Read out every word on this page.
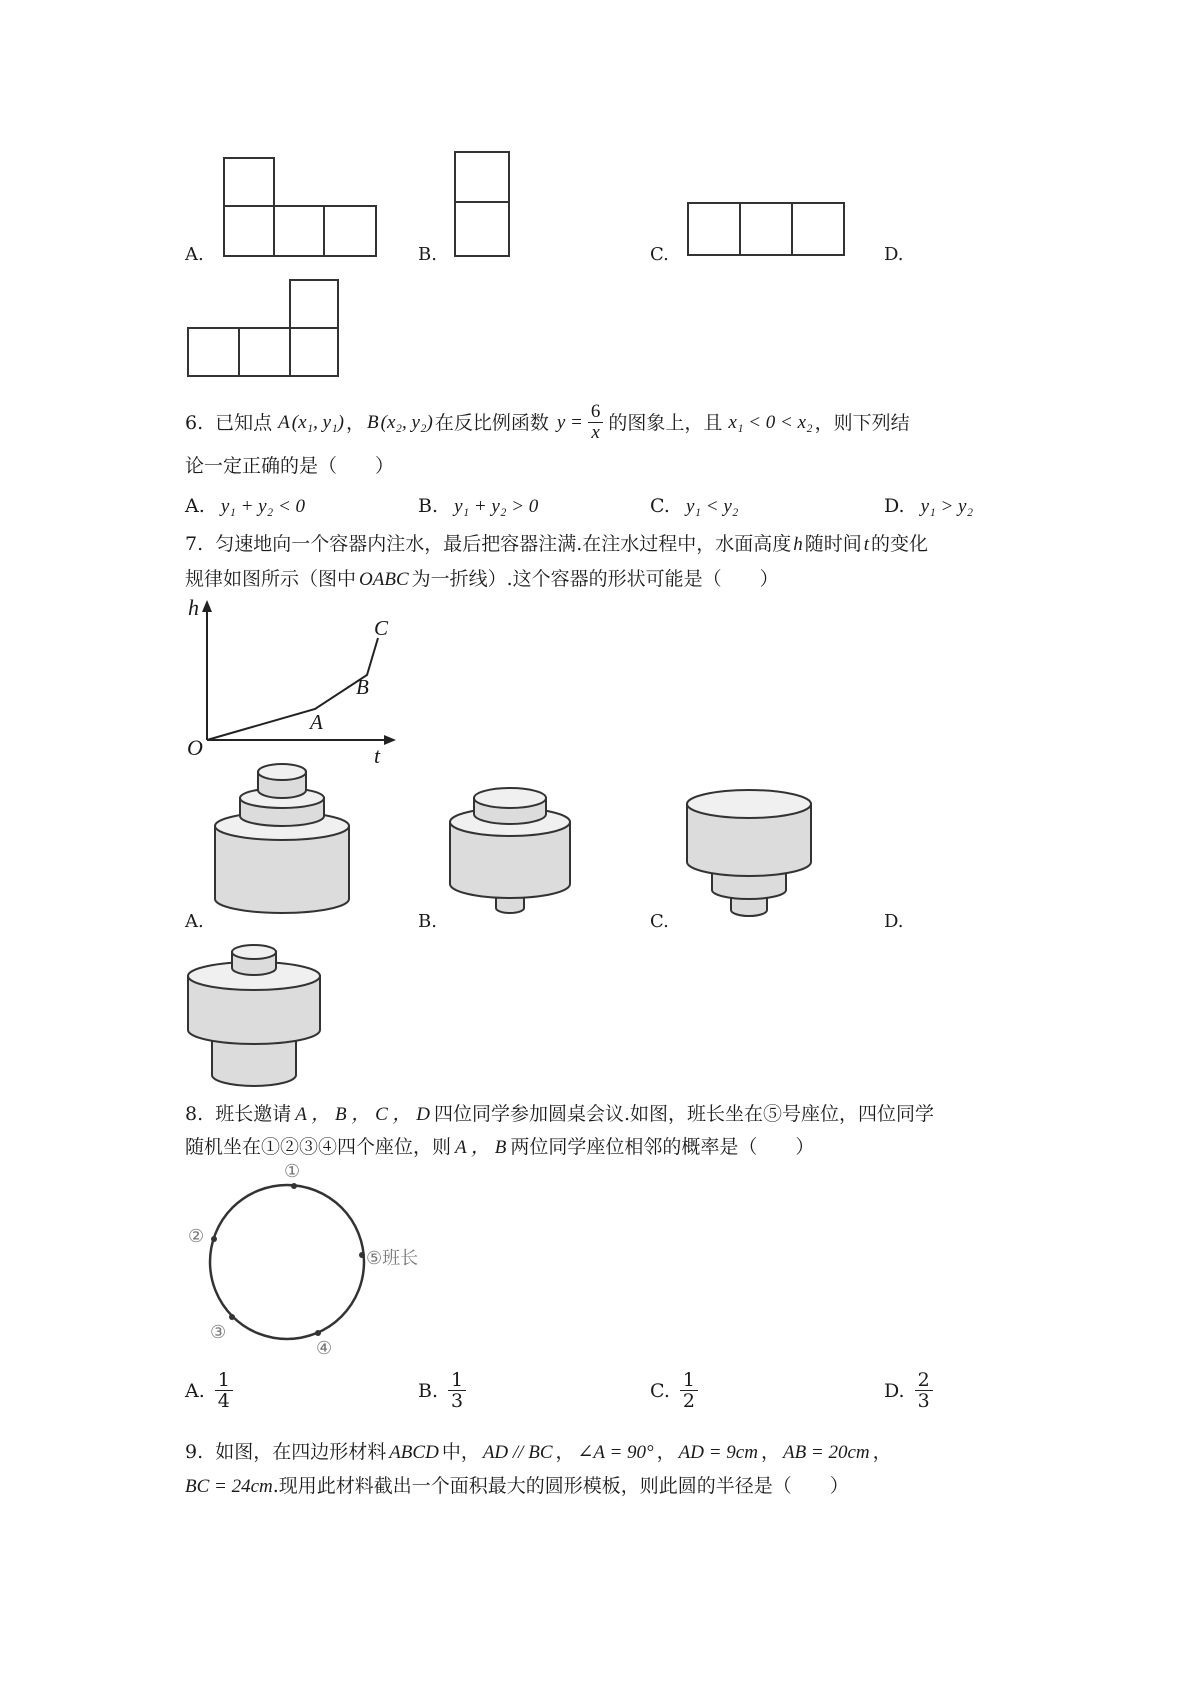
A.	B.	C.	D.
6. 已知点 A (x₁, y₁) ， B (x₂, y₂) 在反比例函数 $y = \frac{6}{x}$ 的图象上，且 x₁ < 0 < x₂ ，则下列结
论一定正确的是（　　）
A. y₁ + y₂ < 0	B. y₁ + y₂ > 0	C. y₁ < y₂	D. y₁ > y₂
7. 匀速地向一个容器内注水，最后把容器注满.在注水过程中，水面高度 h 随时间 t 的变化
规律如图所示（图中 OABC 为一折线）.这个容器的形状可能是（　　）
h
t
O
A
B
C
A.	B.	C.	D.
8. 班长邀请 A ， B ， C ， D 四位同学参加圆桌会议.如图，班长坐在⑤号座位，四位同学
随机坐在①②③④四个座位，则 A ， B 两位同学座位相邻的概率是（　　）
①
②
③
④
⑤班长
A. $\frac{1}{4}$	B. $\frac{1}{3}$	C. $\frac{1}{2}$	D. $\frac{2}{3}$
9. 如图，在四边形材料 ABCD 中， AD // BC ， ∠A = 90° ， AD = 9cm ， AB = 20cm ，
BC = 24cm.现用此材料截出一个面积最大的圆形模板，则此圆的半径是（　　）
